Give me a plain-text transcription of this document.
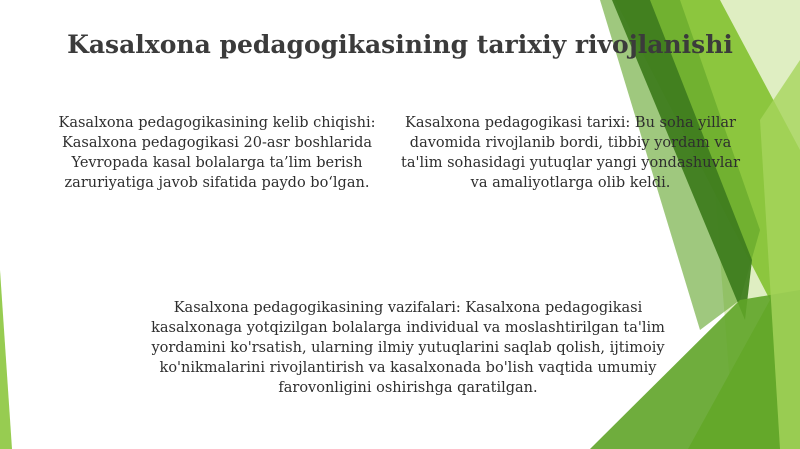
Kasalxona pedagogikasining tarixiy rivojlanishi

Kasalxona pedagogikasining kelib chiqishi: Kasalxona pedagogikasi 20-asr boshlarida Yevropada kasal bolalarga ta’lim berish zaruriyatiga javob sifatida paydo boʻlgan.

Kasalxona pedagogikasi tarixi: Bu soha yillar davomida rivojlanib bordi, tibbiy yordam va ta'lim sohasidagi yutuqlar yangi yondashuvlar va amaliyotlarga olib keldi.

Kasalxona pedagogikasining vazifalari: Kasalxona pedagogikasi kasalxonaga yotqizilgan bolalarga individual va moslashtirilgan ta'lim yordamini ko'rsatish, ularning ilmiy yutuqlarini saqlab qolish, ijtimoiy ko'nikmalarini rivojlantirish va kasalxonada bo'lish vaqtida umumiy farovonligini oshirishga qaratilgan.
